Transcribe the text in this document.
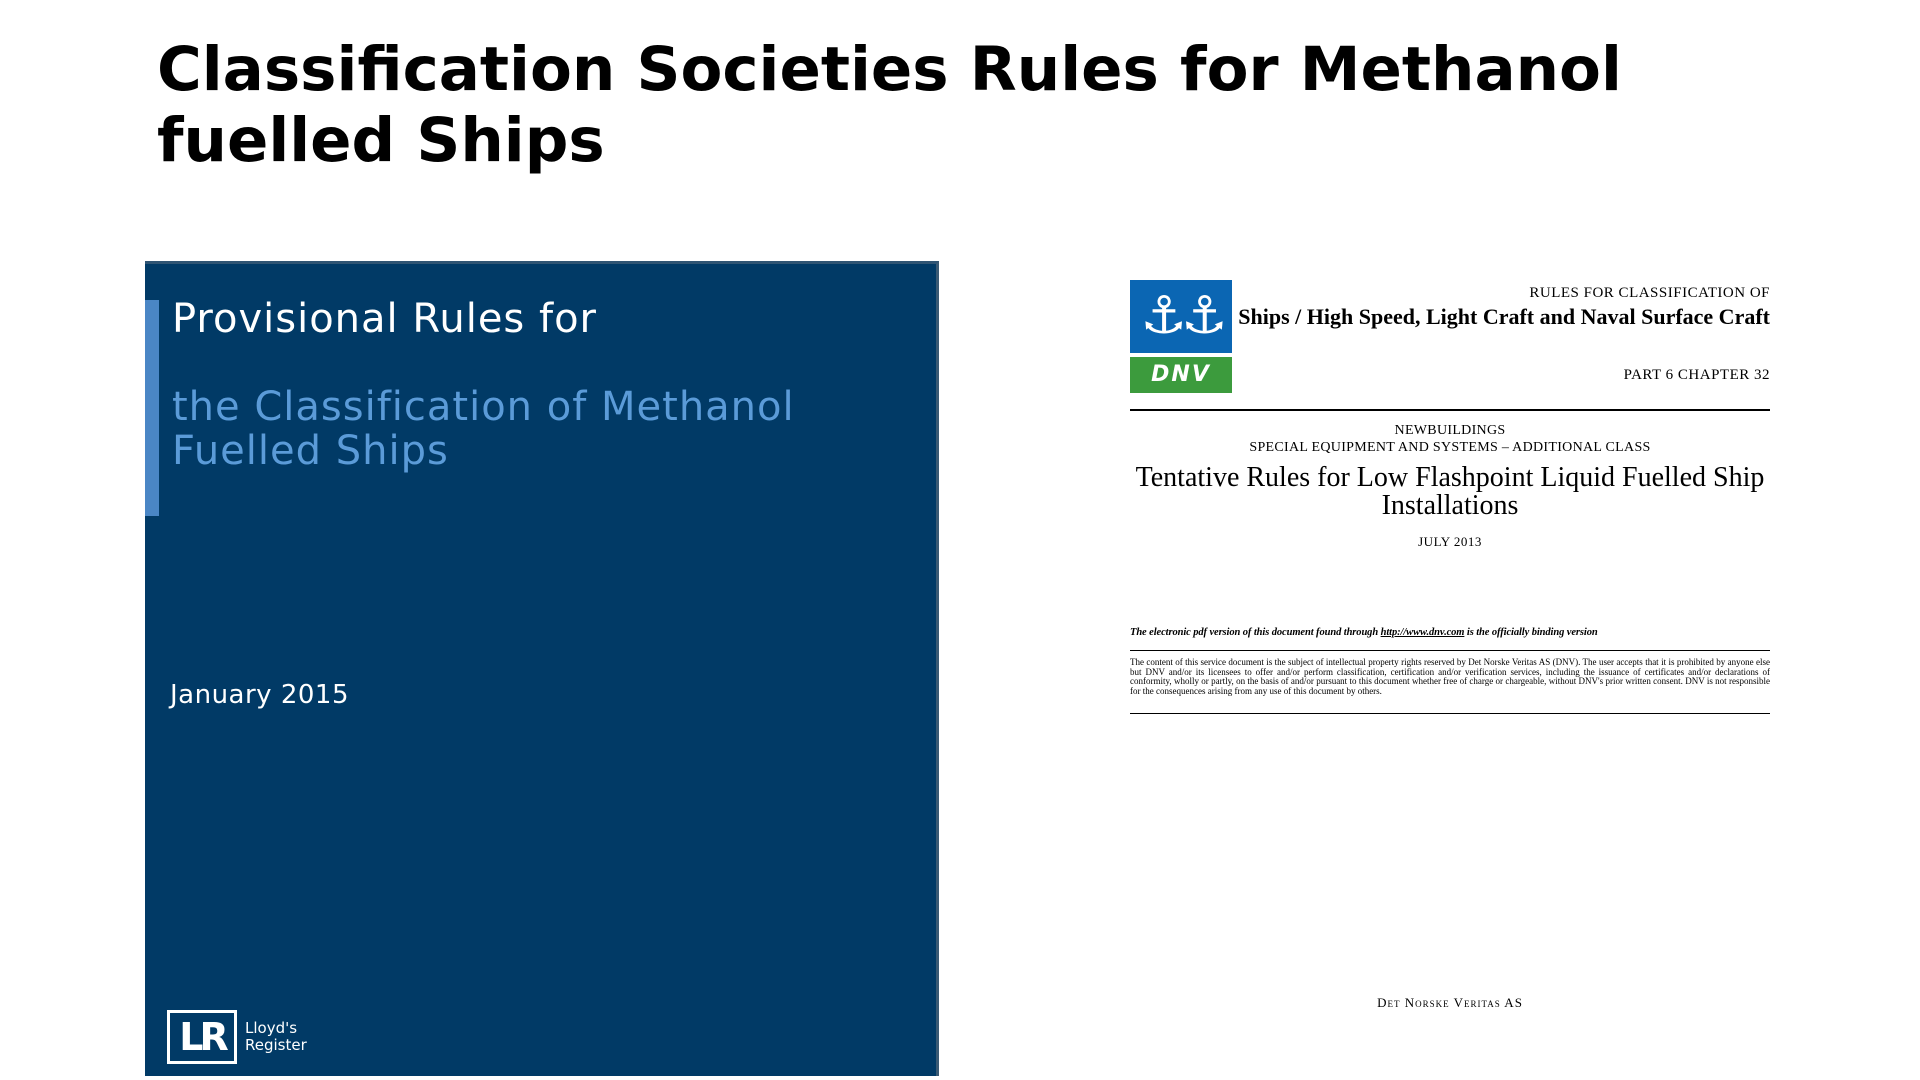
Classification Societies Rules for Methanol fuelled Ships
Provisional Rules for
the Classification of Methanol Fuelled Ships
January 2015
LR	Lloyd's
Register
⚓⚓
DNV
RULES FOR CLASSIFICATION OF
Ships / High Speed, Light Craft and Naval Surface Craft
PART 6 CHAPTER 32
NEWBUILDINGS
SPECIAL EQUIPMENT AND SYSTEMS – ADDITIONAL CLASS
Tentative Rules for Low Flashpoint Liquid Fuelled Ship Installations
JULY 2013
The electronic pdf version of this document found through http://www.dnv.com is the officially binding version
The content of this service document is the subject of intellectual property rights reserved by Det Norske Veritas AS (DNV). The user accepts that it is prohibited by anyone else but DNV and/or its licensees to offer and/or perform classification, certification and/or verification services, including the issuance of certificates and/or declarations of conformity, wholly or partly, on the basis of and/or pursuant to this document whether free of charge or chargeable, without DNV's prior written consent. DNV is not responsible for the consequences arising from any use of this document by others.
Det Norske Veritas AS
